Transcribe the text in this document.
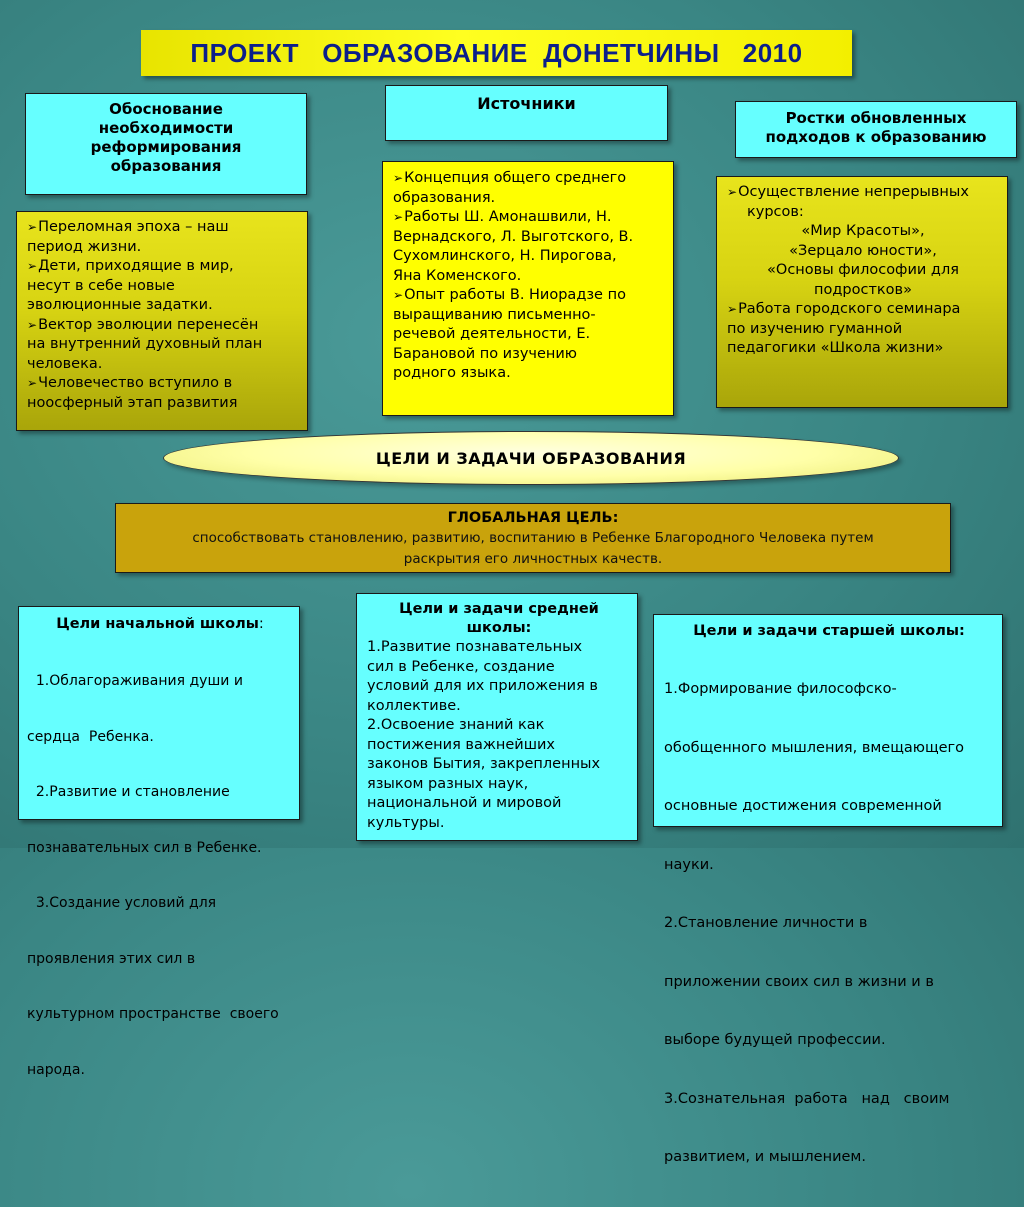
ПРОЕКТ   ОБРАЗОВАНИЕ  ДОНЕТЧИНЫ   2010
Обоснование
необходимости
реформирования
образования
➢Переломная эпоха – наш
период жизни.
➢Дети, приходящие в мир,
несут в себе новые
эволюционные задатки.
➢Вектор эволюции перенесён
на внутренний духовный план
человека.
➢Человечество вступило в
ноосферный этап развития
Источники
➢Концепция общего среднего
образования.
➢Работы Ш. Амонашвили, Н.
Вернадского, Л. Выготского, В.
Сухомлинского, Н. Пирогова,
Яна Коменского.
➢Опыт работы В. Ниорадзе по
выращиванию письменно-
речевой деятельности, Е.
Барановой по изучению
родного языка.
Ростки обновленных
подходов к образованию
➢Осуществление непрерывных
курсов:
«Мир Красоты»,
«Зерцало юности»,
«Основы философии для
подростков»
➢Работа городского семинара
по изучению гуманной
педагогики «Школа жизни»
ЦЕЛИ И ЗАДАЧИ ОБРАЗОВАНИЯ
ГЛОБАЛЬНАЯ ЦЕЛЬ:
способствовать становлению, развитию, воспитанию в Ребенке Благородного Человека путем
раскрытия его личностных качеств.
Цели начальной школы:

1.Облагораживания души и

сердца  Ребенка.

2.Развитие и становление

познавательных сил в Ребенке.

3.Создание условий для

проявления этих сил в

культурном пространстве  своего

народа.

Цели и задачи средней
школы:
1.Развитие познавательных
сил в Ребенке, создание
условий для их приложения в
коллективе.
2.Освоение знаний как
постижения важнейших
законов Бытия, закрепленных
языком разных наук,
национальной и мировой
культуры.
Цели и задачи старшей школы:

1.Формирование философско-

обобщенного мышления, вмещающего

основные достижения современной

науки.

2.Становление личности в

приложении своих сил в жизни и в

выборе будущей профессии.

3.Сознательная  работа   над   своим

развитием, и мышлением.
